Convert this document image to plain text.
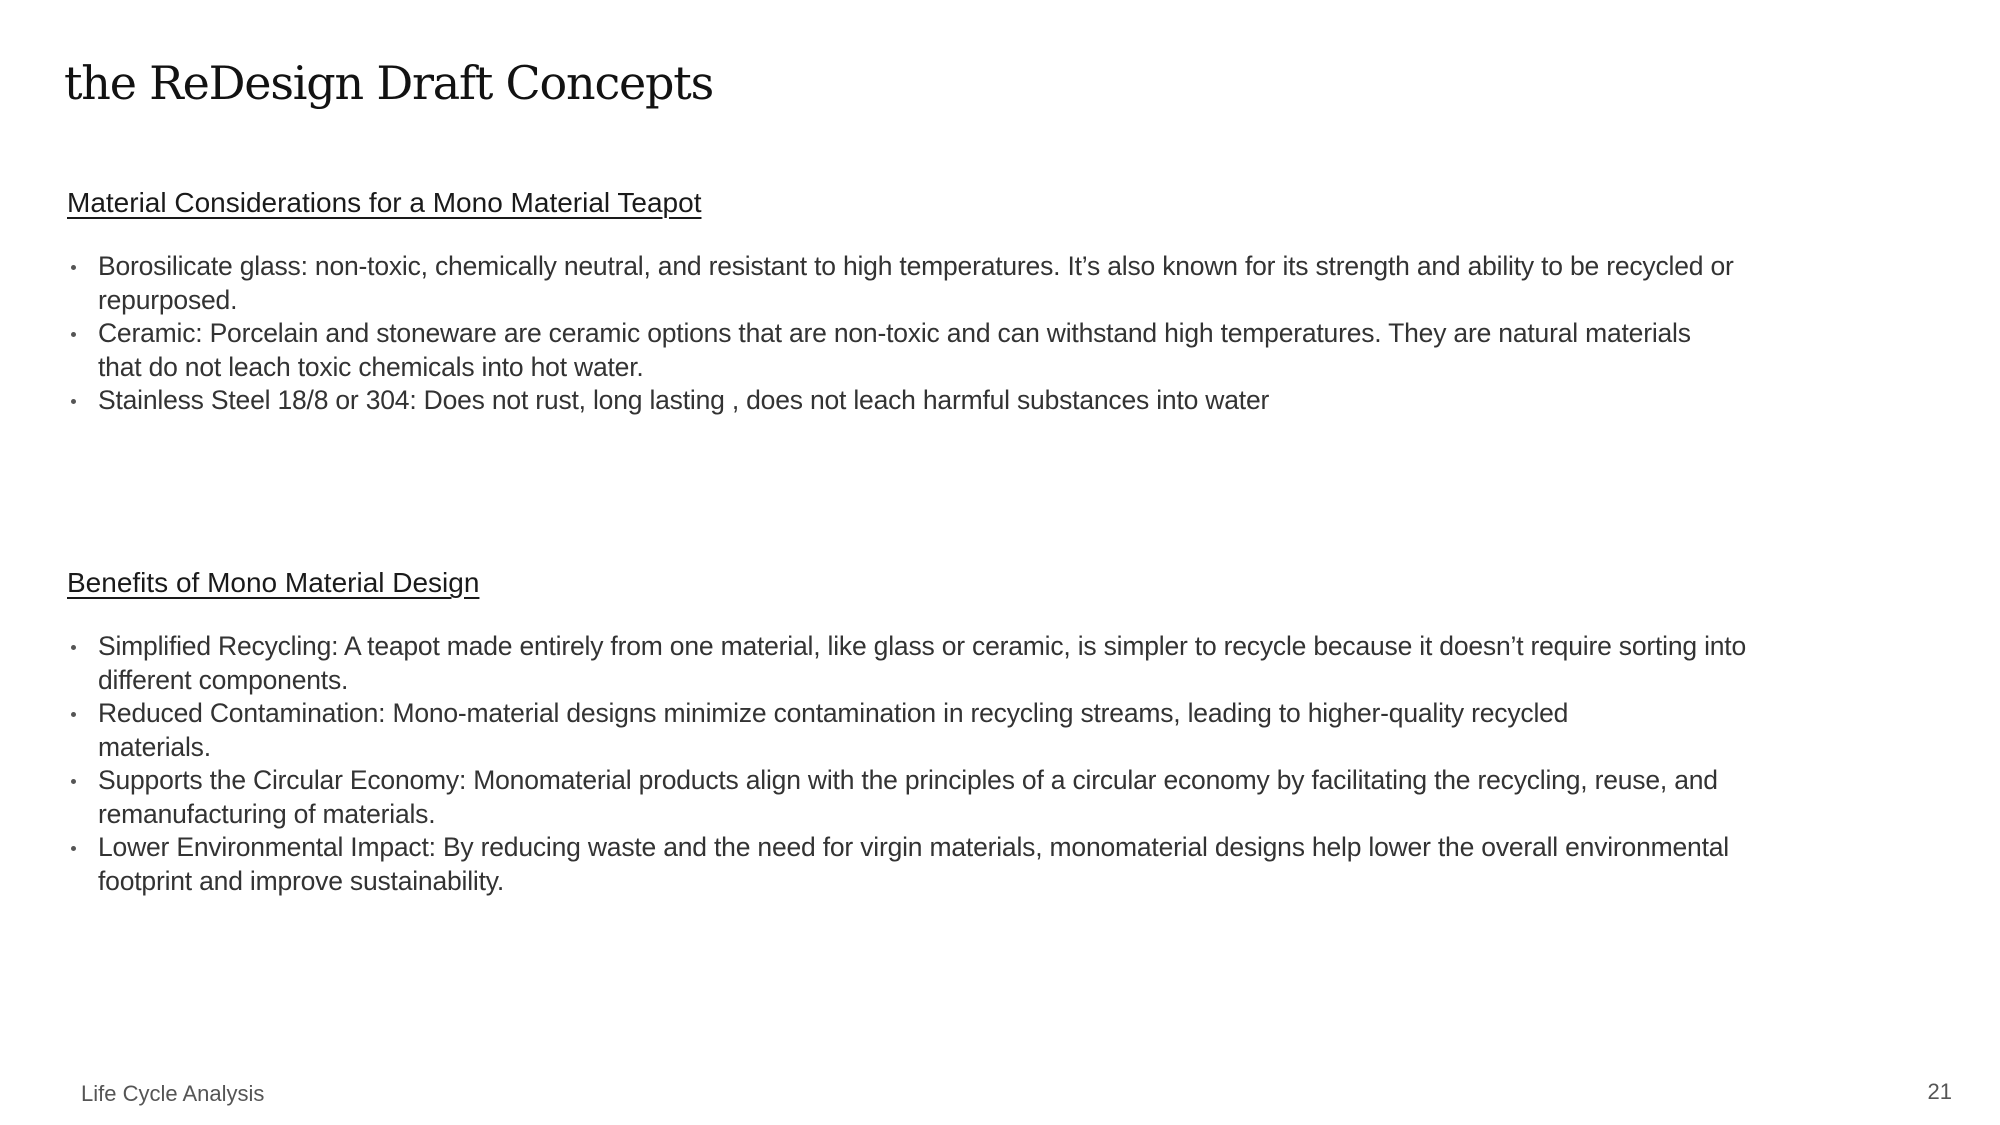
the ReDesign Draft Concepts
Material Considerations for a Mono Material Teapot
Borosilicate glass: non-toxic, chemically neutral, and resistant to high temperatures. It’s also known for its strength and ability to be recycled or repurposed.
Ceramic: Porcelain and stoneware are ceramic options that are non-toxic and can withstand high temperatures. They are natural materials that do not leach toxic chemicals into hot water.
Stainless Steel 18/8 or 304: Does not rust, long lasting , does not leach harmful substances into water
Benefits of Mono Material Design
Simplified Recycling: A teapot made entirely from one material, like glass or ceramic, is simpler to recycle because it doesn’t require sorting into different components.
Reduced Contamination: Mono-material designs minimize contamination in recycling streams, leading to higher-quality recycled materials.
Supports the Circular Economy: Monomaterial products align with the principles of a circular economy by facilitating the recycling, reuse, and remanufacturing of materials.
Lower Environmental Impact: By reducing waste and the need for virgin materials, monomaterial designs help lower the overall environmental footprint and improve sustainability.
Life Cycle Analysis	21
